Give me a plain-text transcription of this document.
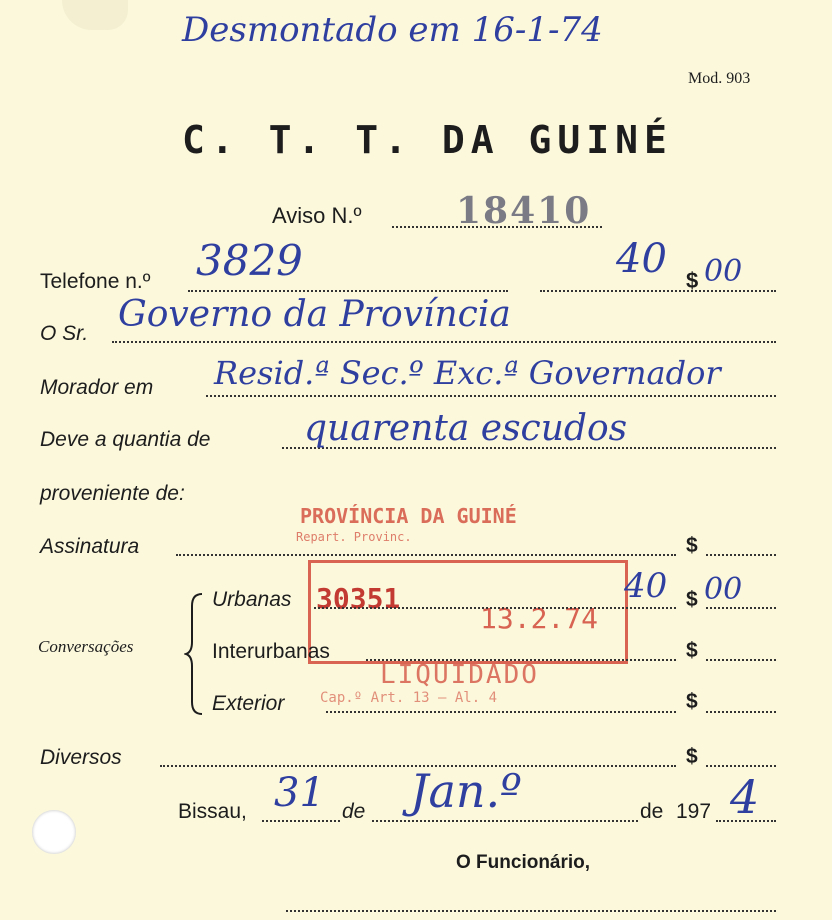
Desmontado em 16-1-74
Mod. 903
C. T. T. DA GUINÉ
Aviso N.º	18410
Telefone n.º 3829	40 $ 00
O Sr. Governo da Província
Morador em Resid.ª Sec.º Exc.ª Governador
Deve a quantia de	quarenta escudos
proveniente de:
PROVÍNCIA DA GUINÉ
Repart. Provinc.
30351
13.2.74
LIQUIDADO
Cap.º Art. 13 — Al. 4
Assinatura	$
Conversações
Urbanas	40 $ 00
Interurbanas	$
Exterior	$
Diversos	$
Bissau, 31 de Jan.º	de 197 4
O Funcionário,
